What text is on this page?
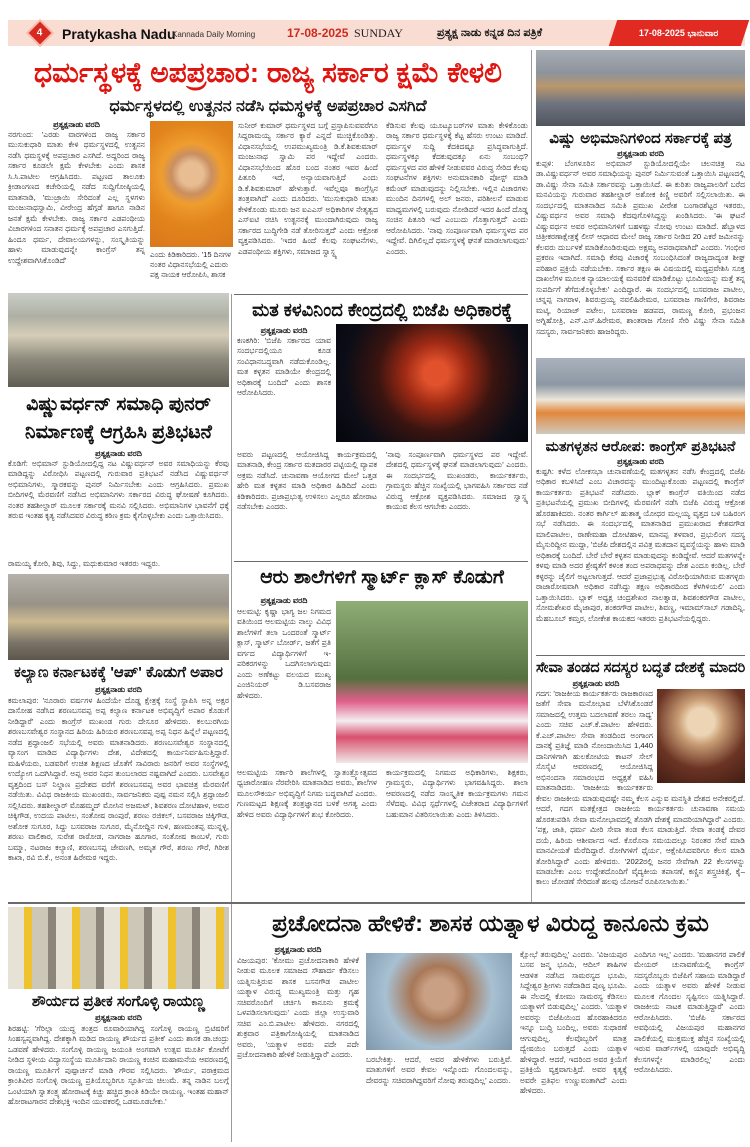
4 Pratykasha Nadu
Kannada Daily Morning	17-08-2025 SUNDAY	ಪ್ರತ್ಯಕ್ಷ ನಾಡು ಕನ್ನಡ ದಿನ ಪತ್ರಿಕೆ	17-08-2025 ಭಾನುವಾರ
ಧರ್ಮಸ್ಥಳಕ್ಕೆ ಅಪಪ್ರಚಾರ: ರಾಜ್ಯ ಸರ್ಕಾರ ಕ್ಷಮೆ ಕೇಳಲಿ
ಧರ್ಮಸ್ಥಳದಲ್ಲಿ ಉತ್ಖನನ ನಡೆಸಿ ಧಮಸ್ಥಳಕ್ಕೆ ಅಪಪ್ರಚಾರ ಎಸಗಿದೆ
ಪ್ರತ್ಯಕ್ಷನಾಡು ವರದಿ
ನರಗುಂದ: 'ಎರಡು ವಾರಗಳಿಂದ ರಾಜ್ಯ ಸರ್ಕಾರ ಮುಸುಕುಧಾರಿ ಮಾತು ಕೇಳಿ ಧರ್ಮಸ್ಥಳದಲ್ಲಿ ಉತ್ಖನನ ನಡೆಸಿ ಧಮಸ್ಥಳಕ್ಕೆ ಅಪಪ್ರಚಾರ ಎಸಗಿದೆ. ಅದ್ದರಿಂದ ರಾಜ್ಯ ಸರ್ಕಾರ ಕೂಡಲೇ ಕ್ಷಮೆ ಕೇಳಬೇಕು ಎಂದು ಶಾಸಕ ಸಿ.ಸಿ.ಪಾಟೀಲ ಆಗ್ರಹಿಸಿದರು. ಪಟ್ಟಣದ ತಾಲೂಕು ಕ್ರೀಡಾಂಗಣದ ಕಚೇರಿಯಲ್ಲಿ ನಡೆದ ಸುದ್ದಿಗೋಷ್ಠಿಯಲ್ಲಿ ಮಾತನಾಡಿ, 'ಮುಜ್ರಾಯಿ ಸೇರಿದಂತೆ ಎಲ್ಲ ಸ್ಥಳಗಳು ಮಂಜುನಾಥಸ್ವಾಮಿ, ವೀರೇಂದ್ರ ಹೆಗ್ಗಡೆ ಹಾಗೂ ನಾಡಿನ ಜನತೆ ಕ್ಷಮೆ ಕೇಳಬೇಕು. ರಾಜ್ಯ ಸರ್ಕಾರ ಎಡಪಂಥೀಯ ವಿಚಾರಗಳಿಂದ ಸನಾತನ ಧರ್ಮಕ್ಕೆ ಅಪಪ್ರಚಾರ ಎಸಗುತ್ತಿದೆ. ಹಿಂದೂ ಧರ್ಮ, ದೇವಾಲಯಗಳನ್ನು, ಸಂಸ್ಕೃತಿಯನ್ನು ಹಾಳು ಮಾಡುವುದನ್ನೇ ಕಾಂಗ್ರೆಸ್ ತನ್ನ ಉದ್ದೇಶವಾಗಿಸಿಕೊಂಡಿದೆ'
ಎಂದು ಕಿಡಿಕಾರಿದರು. '15 ದಿನಗಳ ನಂತರ ವಿಧಾನಸಭೆಯಲ್ಲಿ ಎದುರು ಪಕ್ಷ ನಾಯಕ ಆರೋಪಿಸಿ, ಶಾಸಕ
ಸುನೀರ್ ಕುಮಾರ್ ಧರ್ಮಸ್ಥಳದ ಬಗ್ಗೆ ಪ್ರಸ್ತಾಪಿಸುವವರೆಗೂ ಸಿದ್ದರಾಮಯ್ಯ ಸರ್ಕಾರ ಕ್ಯಾರೆ ಎನ್ನದೆ ಮುಚ್ಚಿಕೊಂಡಿತ್ತು. ವಿಧಾನಸಭೆಯಲ್ಲಿ ಉಪಮುಖ್ಯಮಂತ್ರಿ ಡಿ.ಕೆ.ಶಿವಕುಮಾರ್ ಮಂಜುನಾಥ ಸ್ವಾಮಿ ಪರ ಇದ್ದೇವೆ ಎಂದರು. ವಿಧಾನಸಭೆಯಿಂದ ಹೊರ ಬಂದ ನಂತರ ಇವರ ಹಿಂದೆ ಪಿತೂರಿ ಇದೆ, ಅನ್ಯಾಯವಾಗುತ್ತಿದೆ ಎಂದು ಡಿ.ಕೆ.ಶಿವಕುಮಾರ್ ಹೇಳುತ್ತಾರೆ. ಇವೆಲ್ಲವೂ ಕಾಂಗ್ರೆಸ್ಸಿನ ತಂತ್ರವಾಗಿದೆ' ಎಂದು ದೂರಿದರು. 'ಮುಸುಕುಧಾರಿ ಮಾತು ಕೇಳಿಕೊಂಡು ಮೂರು ಜನ ಐಎಎಸ್ ಅಧಿಕಾರಿಗಳ ನೇತೃತ್ವದ ಎಸ್ಐಟಿ ರಚಿಸಿ ಉತ್ಖನನಕ್ಕೆ ಮುಂದಾಗಿರುವುದು ರಾಜ್ಯ ಸರ್ಕಾರದ ಬುದ್ಧಿಗೇಡಿ ನಡೆ ತೋರಿಸುತ್ತದೆ' ಎಂದು ಆಕ್ರೋಶ ವ್ಯಕ್ತಪಡಿಸಿದರು. 'ಇದರ ಹಿಂದೆ ಕೆಲವು ಸಂಘಟನೆಗಳು, ಎಡಪಂಥೀಯ ಶಕ್ತಿಗಳು, ಸಮಾಜದ ಸ್ವಾಸ್ಥ್ಯ
ಕೆಡಿಸುವ ಕೆಲವು ಯೂಟ್ಯೂಬರ್‌ಗಳ ಮಾತು ಕೇಳಿಕೊಂಡು ರಾಜ್ಯ ಸರ್ಕಾರ ಧರ್ಮಸ್ಥಳಕ್ಕೆ ಕೆಟ್ಟ ಹೆಸರು ಉಂಟು ಮಾಡಿದೆ. ಧರ್ಮಸ್ಥಳ ಸುದ್ದಿ ಕೆದಕಿದಷ್ಟೂ ಪ್ರಸಿದ್ಧವಾಗುತ್ತಿದೆ. ಧರ್ಮಸ್ಥಳಕ್ಕೂ ಕೆದಕುವುದಕ್ಕೂ ಏನು ಸಂಬಂಧ? ಧರ್ಮಸ್ಥಳದ ಪರ ಹೇಳಿಕೆ ನೀಡುವವರ ವಿರುದ್ಧ ಸೇರಿದ ಕೆಲವು ಸಂಘಟನೆಗಳ ಶಕ್ತಿಗಳು ಅನುಮಾನಕಾರಿ ಪೋಸ್ಟ್ ಮಾಡಿ ಕಮೆಂಟ್ ಮಾಡುವುದನ್ನು ನಿಲ್ಲಿಸಬೇಕು. ಇಲ್ಲಿನ ವಿಚಾರಗಳು ಮುಂದಿನ ದಿನಗಳಲ್ಲಿ ಅಲ್ ಜನರು, ಪರಿಶೀಲನೆ ಮಾಡುವ ಮಾಧ್ಯಮಗಳಲ್ಲಿ ಬರುವುದು ನೋಡಿದರೆ ಇದರ ಹಿಂದೆ ದೊಡ್ಡ ಸಂಚಿನ ಪಿತೂರಿ ಇದೆ ಎಂಬುದು ಗೊತ್ತಾಗುತ್ತದೆ' ಎಂದು ಆರೋಪಿಸಿದರು. 'ನಾವು ಸಂಪೂರ್ಣವಾಗಿ ಧರ್ಮಸ್ಥಳದ ಪರ ಇದ್ದೇವೆ. ದಿಗಿಲಿಲ್ಲದೆ ಧರ್ಮಸ್ಥಳಕ್ಕೆ ಘನತೆ ಮಾಡಲಾಗುವುದು' ಎಂದರು.
ವಿಷ್ಣು ಅಭಿಮಾನಿಗಳಿಂದ ಸರ್ಕಾರಕ್ಕೆ ಪತ್ರ
ಪ್ರತ್ಯಕ್ಷನಾಡು ವರದಿ
ಕುಪ್ಪಳಿ: ಬೆಂಗಳೂರಿನ ಅಭಿಮಾನ್ ಸ್ಟುಡಿಯೋದಲ್ಲಿಯೇ ಚಲನಚಿತ್ರ ನಟ ಡಾ.ವಿಷ್ಣುವರ್ಧನ್ ಅವರ ಸಮಾಧಿಯನ್ನು ಪುನರ್ ನಿರ್ಮಿಸುವಂತೆ ಒತ್ತಾಯಿಸಿ ಪಟ್ಟಣದಲ್ಲಿ ಡಾ.ವಿಷ್ಣು ಸೇನಾ ಸಮಿತಿ ಸರ್ಕಾರವನ್ನು ಒತ್ತಾಯಿಸಿದೆ. ಈ ಕುರಿತು ರಾಜ್ಯಪಾಲರಿಗೆ ಬರೆದ ಮನವಿಯನ್ನು ಗುರುವಾರ ತಹಶೀಲ್ದಾರ್ ಅಶೋಕ ಕಿಣ್ಣಿ ಅವರಿಗೆ ಸಲ್ಲಿಸಲಾಯಿತು. ಈ ಸಂದರ್ಭದಲ್ಲಿ ಮಾತನಾಡಿದ ಸಮಿತಿ ಪ್ರಮುಖ ವೀರೇಶ ಬಂಗಾರಶೆಟ್ಟರ ಇತರರು, ವಿಷ್ಣುವರ್ಧನ ಅವರ ಸಮಾಧಿ ಕೆದವುಗೊಳಿಸಿದ್ದನ್ನು ಖಂಡಿಸಿದರು. 'ಈ ಘಟನೆ ವಿಷ್ಣುವರ್ಧನ ಅವರ ಅಭಿಮಾನಿಗಳಿಗೆ ಬಹಳಷ್ಟು ನೋವು ಉಂಟು ಮಾಡಿದೆ. ಹೆಬ್ಬಾಳದ ಚಿತ್ರೀಕರಣಾಕ್ಷೇತ್ರಕ್ಕೆ ಲೀಸ್ ಆಧಾರದ ಮೇಲೆ ರಾಜ್ಯ ಸರ್ಕಾರ ನೀಡಿದ 20 ಎಕರೆ ಜಮೀನನ್ನು ಕೆಲವರು ದುರ್ಬಳಕೆ ಮಾಡಿಕೊಂಡಿರುವುದು ಅಕ್ಷಮ್ಯ ಅಪರಾಧವಾಗಿದೆ' ಎಂದರು. 'ಗಂಭೀರ ಪ್ರಕರಣ ಇದಾಗಿದೆ. ಸಮಾಧಿ ಕೆರವು ವಿಚಾರಕ್ಕೆ ಸಂಬಂಧಿಸಿದಂತೆ ರಾಜ್ಯದಾದ್ಯಂತ ಶೀಘ್ರ ಪರಿಹಾರ ಪ್ರಕ್ರಿಯೆ ನಡೆಯಬೇಕು. ಸರ್ಕಾರ ತಕ್ಷಣ ಈ ವಿಷಯದಲ್ಲಿ ಮಧ್ಯಪ್ರವೇಶಿಸಿ ಸೂಕ್ತ ದಾಖಲೆಗಳ ಮೂಲಕ ನ್ಯಾಯಾಲಯಕ್ಕೆ ಮನವರಿಕೆ ಮಾಡಿಕೊಟ್ಟು ಭೂಮಿಯನ್ನು ಮತ್ತೆ ತನ್ನ ಸುಪರ್ದಿಗೆ ತೆಗೆದುಕೊಳ್ಳಬೇಕು' ಎಂದಿದ್ದಾರೆ. ಈ ಸಂದರ್ಭದಲ್ಲಿ ಬಸವರಾಜ ಪಾಟೀಲ, ಚನ್ನಪ್ಪ ನಾಗರಾಳ, ಶಿವರುದ್ರಯ್ಯ ನವಲಿಹಿರೇಮಠ, ಬಸವರಾಜ ಗಾಣಿಗೇರ, ಶಿವರಾಜ ಮಟ್ಕಿ, ರಿಯಾಜ್ ಪಟೇಲ, ಬಸವರಾಜ ಹಡಪದ, ರಾಮಣ್ಣ ಕೋರಿ, ಪ್ರಭಂಜನ ಅಗ್ನಿಹೋತ್ರಿ, ಎನ್.ಎಸ್.ಹಿರೇಮಠ, ಶಾಂತರಾಜ ಗೋಣಿ ಸೇರಿ ವಿಷ್ಣು ಸೇನಾ ಸಮಿತಿ ಸದಸ್ಯರು, ಸಾರ್ವಜನಿಕರು ಹಾಜರಿದ್ದರು.
ಮತ ಕಳವಿನಿಂದ ಕೇಂದ್ರದಲ್ಲಿ ಬಿಜೆಪಿ ಅಧಿಕಾರಕ್ಕೆ
ಪ್ರತ್ಯಕ್ಷನಾಡು ವರದಿ
ಕಣಕಗಿರಿ: 'ಬಿಜೆಪಿ ಸರ್ಕಾರದ ಯಾವ ಸಂದರ್ಭದಲ್ಲಿಯೂ ಕೂಡ ಸಂವಿಧಾನಬದ್ಧವಾಗಿ ನಡೆದುಕೊಂಡಿಲ್ಲ. ಮತ ಕಳ್ಳತನ ಮಾಡಿಯೇ ಕೇಂದ್ರದಲ್ಲಿ ಅಧಿಕಾರಕ್ಕೆ ಬಂದಿದೆ' ಎಂದು ಶಾಸಕ ಆರೋಪಿಸಿದರು.
ಅವರು ಪಟ್ಟಣದಲ್ಲಿ ಆಯೋಜಿಸಿದ್ದ ಕಾರ್ಯಕ್ರಮದಲ್ಲಿ ಮಾತನಾಡಿ, ಕೇಂದ್ರ ಸರ್ಕಾರ ಮತದಾರರ ಪಟ್ಟಿಯಲ್ಲಿ ವ್ಯಾಪಕ ಅಕ್ರಮ ನಡೆಸಿದೆ. ಚುನಾವಣಾ ಆಯೋಗದ ಮೇಲೆ ಒತ್ತಡ ಹೇರಿ ಮತ ಕಳ್ಳತನ ಮಾಡಿ ಅಧಿಕಾರ ಹಿಡಿದಿದೆ ಎಂದು ಕಿಡಿಕಾರಿದರು. ಪ್ರಜಾಪ್ರಭುತ್ವ ಉಳಿಸಲು ಎಲ್ಲರೂ ಹೋರಾಟ ನಡೆಸಬೇಕು ಎಂದರು.
'ನಾವು ಸಂಪೂರ್ಣವಾಗಿ ಧರ್ಮಸ್ಥಳದ ಪರ ಇದ್ದೇವೆ. ದೇಶದಲ್ಲಿ ಧರ್ಮಸ್ಥಳಕ್ಕೆ ಘನತೆ ಮಾಡಲಾಗುವುದು' ಎಂದರು. ಈ ಸಂದರ್ಭದಲ್ಲಿ ಮುಖಂಡರು, ಕಾರ್ಯಕರ್ತರು, ಗ್ರಾಮಸ್ಥರು ಹೆಚ್ಚಿನ ಸಂಖ್ಯೆಯಲ್ಲಿ ಭಾಗವಹಿಸಿ ಸರ್ಕಾರದ ನಡೆ ವಿರುದ್ಧ ಆಕ್ರೋಶ ವ್ಯಕ್ತಪಡಿಸಿದರು. ಸಮಾಜದ ಸ್ವಾಸ್ಥ್ಯ ಕಾಯುವ ಕೆಲಸ ಆಗಬೇಕು ಎಂದರು.
ವಿಷ್ಣುವರ್ಧನ್ ಸಮಾಧಿ ಪುನರ್ ನಿರ್ಮಾಣಕ್ಕೆ ಆಗ್ರಹಿಸಿ ಪ್ರತಿಭಟನೆ
ಪ್ರತ್ಯಕ್ಷನಾಡು ವರದಿ
ಕೊಡಿಗೆ: ಅಭಿಮಾನ್ ಸ್ಟುಡಿಯೋದಲ್ಲಿದ್ದ ನಟ ವಿಷ್ಣುವರ್ಧನ್ ಅವರ ಸಮಾಧಿಯನ್ನು ಕೆರವು ಮಾಡಿದ್ದನ್ನು ವಿರೋಧಿಸಿ ಪಟ್ಟಣದಲ್ಲಿ ಗುರುವಾರ ಪ್ರತಿಭಟನೆ ನಡೆಸಿದ ವಿಷ್ಣುವರ್ಧನ್ ಅಭಿಮಾನಿಗಳು, ಸ್ಮಾರಕವನ್ನು ಪುನರ್ ನಿರ್ಮಿಸಬೇಕು ಎಂದು ಆಗ್ರಹಿಸಿದರು. ಪ್ರಮುಖ ಬೀದಿಗಳಲ್ಲಿ ಮೆರವಣಿಗೆ ನಡೆಸಿದ ಅಭಿಮಾನಿಗಳು ಸರ್ಕಾರದ ವಿರುದ್ಧ ಘೋಷಣೆ ಕೂಗಿದರು. ನಂತರ ತಹಶೀಲ್ದಾರ್ ಮೂಲಕ ಸರ್ಕಾರಕ್ಕೆ ಮನವಿ ಸಲ್ಲಿಸಿದರು. ಅಭಿಮಾನಿಗಳ ಭಾವನೆಗೆ ಧಕ್ಕೆ ತರುವ ಇಂತಹ ಕೃತ್ಯ ನಡೆಸಿದವರ ವಿರುದ್ಧ ಕಠಿಣ ಕ್ರಮ ಕೈಗೊಳ್ಳಬೇಕು ಎಂದು ಒತ್ತಾಯಿಸಿದರು.
ರಾಮಯ್ಯ ಕೋರಿ, ಶಿವು, ಸಿದ್ದು, ಮಧುಕುಮಾರ ಇತರರು ಇದ್ದರು.
ಕಲ್ಯಾಣ ಕರ್ನಾಟಕಕ್ಕೆ 'ಆಪ್' ಕೊಡುಗೆ ಅಪಾರ
ಪ್ರತ್ಯಕ್ಷನಾಡು ವರದಿ
ಕಮಲಾಪುರ: 'ನೂರಾರು ವರ್ಷಗಳ ಹಿಂದೆಯೇ ದೊಡ್ಡ ಕ್ಷೇತ್ರಕ್ಕೆ ಸಂಸ್ಥೆ ಸ್ಥಾಪಿಸಿ ಅನ್ನ ಅಕ್ಷರ ದಾಸೋಹ ನಡೆಸಿದ ಶರಣಬಸವಪ್ಪ ಅಪ್ಪ ಕಲ್ಯಾಣ ಕರ್ನಾಟಕ ಅಭಿವೃದ್ಧಿಗೆ ಅಪಾರ ಕೊಡುಗೆ ನೀಡಿದ್ದಾರೆ' ಎಂದು ಕಾಂಗ್ರೆಸ್ ಮುಖಂಡ ಗುರು ದೇಸೂರ ಹೇಳಿದರು. ಕಲಬುರಗಿಯ ಶರಣಬಸವೇಶ್ವರ ಸಂಸ್ಥಾನದ ಹಿರಿಯ ಹಿರಿಯರ ಶರಣಬಸವಪ್ಪ ಅಪ್ಪ ನಿಧನ ಹಿನ್ನೆಲೆ ಪಟ್ಟಣದಲ್ಲಿ ನಡೆದ ಶ್ರದ್ಧಾಂಜಲಿ ಸಭೆಯಲ್ಲಿ ಅವರು ಮಾತನಾಡಿದರು. ಶರಣಬಸವೇಶ್ವರ ಸಂಸ್ಥಾನದಲ್ಲಿ ವ್ಯಾಸಂಗ ಮಾಡಿದ ವಿದ್ಯಾರ್ಥಿಗಳು ದೇಶ, ವಿದೇಶದಲ್ಲಿ ಕಾರ್ಯನಿರ್ವಹಿಸುತ್ತಿದ್ದಾರೆ. ಮಹಿಳೆಯರು, ಬಡವರಿಗೆ ಉಚಿತ ಶಿಕ್ಷಣದ ಜೊತೆಗೆ ಸಾವಿರಾರು ಜನರಿಗೆ ಅವರ ಸಂಸ್ಥೆಗಳಲ್ಲಿ ಉದ್ಯೋಗ ಒದಗಿಸಿದ್ದಾರೆ. ಅಪ್ಪ ಅವರ ನಿಧನ ತುಂಬಲಾರದ ನಷ್ಟವಾಗಿದೆ ಎಂದರು. ಬಸವೇಶ್ವರ ವೃತ್ತದಿಂದ ಬಸ್ ನಿಲ್ದಾಣ ಪ್ರದೇಶದ ವರೆಗೆ ಶರಣಬಸವಪ್ಪ ಅವರ ಭಾವಚಿತ್ರ ಮೆರವಣಿಗೆ ನಡೆಯಿತು. ವಿವಿಧ ರಾಜಕೀಯ ಮುಖಂಡರು, ಸಾರ್ವಜನಿಕರು ಪುಷ್ಪ ನಮನ ಸಲ್ಲಿಸಿ ಶ್ರದ್ಧಾಂಜಲಿ ಸಲ್ಲಿಸಿದರು. ತಹಶೀಲ್ದಾರ್ ಮೊಹಮ್ಮದ್ ಮೋಸಿನ ಅಜಮಟ್, ಶಿವಶರಣ ದೋಟಿಹಾಳ, ಅಮರ ಚಿಕ್ಕಿಗೌಡ, ಉದಯ ಪಾಟೀಲ, ಸಂತೋಷ ರಾಂಪುರೆ, ಶರಣು ರಜಿಕಲ್, ಬಸವರಾಜ ಚಿಕ್ಕಿಗೌಡ, ಅಶೋಕ ಸುಗೂರ, ಸಿದ್ದು ಬಸವರಾಜ ಸುಗೂರ, ಮೈನೋದ್ದಿನ ಗುಳಿ, ಹಣಮಂತಪ್ಪ ಮುನ್ನಳ್ಳಿ, ಶರಣು ವಾಲಿಕಾರ, ಸುರೇಶ ರಾಠೋಡ, ನಾಗರಾಜ ಹೂಗಾರ, ಸಂತೋಷ ಕಾಂಬಳೆ, ಗುರು ಬಮ್ಮಾ, ನಟರಾಜ ಕಲ್ಯಾಣಿ, ಶರಣಬಸಪ್ಪ ಜೇವಣಗಿ, ಅಮೃತ ಗೌರೆ, ಶರಣು ಗೌರೆ, ಗಿರೀಶ ಕಾಖಾ, ರವಿ ಬಿ.ಕೆ., ಅನಂತ ಹಿರೇಮಠ ಇದ್ದರು.
ಆರು ಶಾಲೆಗಳಿಗೆ ಸ್ಮಾರ್ಟ್ ಕ್ಲಾಸ್ ಕೊಡುಗೆ
ಪ್ರತ್ಯಕ್ಷನಾಡು ವರದಿ
ಆಲಮಟ್ಟಿ: ಕೃಷ್ಣಾ ಭಾಗ್ಯ ಜಲ ನಿಗಮದ ವತಿಯಿಂದ ಆಲಮಟ್ಟಿಯ ನಾಲ್ಕು ವಿವಿಧ ಶಾಲೆಗಳಿಗೆ ತಲಾ ಒಂದರಂತೆ ಸ್ಮಾರ್ಟ್ ಕ್ಲಾಸ್, ಸ್ಮಾರ್ಟ್ ಬೋರ್ಡ್, ಜತೆಗೆ ಪ್ರತಿ ವರ್ಗದ ವಿದ್ಯಾರ್ಥಿಗಳಿಗೆ ಇ- ಪರಿಕರಗಳನ್ನು ಒದಗಿಸಲಾಗುವುದು ಎಂದು ಅಣೆಕಟ್ಟು ವಲಯದ ಮುಖ್ಯ ಎಂಜಿನಿಯರ್ ಡಿ.ಬಸವರಾಜ ಹೇಳಿದರು.
ಆಲಮಟ್ಟಿಯ ಸರ್ಕಾರಿ ಶಾಲೆಗಳಲ್ಲಿ ಸ್ವಾತಂತ್ರ್ಯೋತ್ಸವದ ಧ್ವಜಾರೋಹಣ ನೆರವೇರಿಸಿ ಮಾತನಾಡಿದ ಅವರು, ಶಾಲೆಗಳ ಮೂಲಸೌಕರ್ಯ ಅಭಿವೃದ್ಧಿಗೆ ನಿಗಮ ಬದ್ಧವಾಗಿದೆ ಎಂದರು. ಗುಣಮಟ್ಟದ ಶಿಕ್ಷಣಕ್ಕೆ ತಂತ್ರಜ್ಞಾನದ ಬಳಕೆ ಅಗತ್ಯ ಎಂದು ಹೇಳಿದ ಅವರು ವಿದ್ಯಾರ್ಥಿಗಳಿಗೆ ಶುಭ ಕೋರಿದರು.
ಕಾರ್ಯಕ್ರಮದಲ್ಲಿ ನಿಗಮದ ಅಧಿಕಾರಿಗಳು, ಶಿಕ್ಷಕರು, ಗ್ರಾಮಸ್ಥರು, ವಿದ್ಯಾರ್ಥಿಗಳು ಭಾಗವಹಿಸಿದ್ದರು. ಶಾಲಾ ಆವರಣದಲ್ಲಿ ನಡೆದ ಸಾಂಸ್ಕೃತಿಕ ಕಾರ್ಯಕ್ರಮಗಳು ಗಮನ ಸೆಳೆದವು. ವಿವಿಧ ಸ್ಪರ್ಧೆಗಳಲ್ಲಿ ವಿಜೇತರಾದ ವಿದ್ಯಾರ್ಥಿಗಳಿಗೆ ಬಹುಮಾನ ವಿತರಿಸಲಾಯಿತು ಎಂದು ತಿಳಿಸಿದರು.
ಮತಗಳ್ಳತನ ಆರೋಪ: ಕಾಂಗ್ರೆಸ್ ಪ್ರತಿಭಟನೆ
ಪ್ರತ್ಯಕ್ಷನಾಡು ವರದಿ
ಕುಷ್ಟಗಿ: ಕಳೆದ ಲೋಕಸಭಾ ಚುನಾವಣೆಯಲ್ಲಿ ಮತಗಳ್ಳತನ ನಡೆಸಿ ಕೇಂದ್ರದಲ್ಲಿ ಬಿಜೆಪಿ ಅಧಿಕಾರ ಕಬಳಿಸಿದೆ ಎಂಬ ವಿಚಾರವನ್ನು ಮುಂದಿಟ್ಟುಕೊಂಡು ಪಟ್ಟಣದಲ್ಲಿ ಕಾಂಗ್ರೆಸ್ ಕಾರ್ಯಕರ್ತರು ಪ್ರತಿಭಟನೆ ನಡೆಸಿದರು. ಬ್ಲಾಕ್ ಕಾಂಗ್ರೆಸ್ ವತಿಯಿಂದ ನಡೆದ ಪ್ರತಿಭಟನೆಯಲ್ಲಿ ಪ್ರಮುಖ ಬೀದಿಗಳಲ್ಲಿ ಮೆರವಣಿಗೆ ನಡೆಸಿ ಬಿಜೆಪಿ ವಿರುದ್ಧ ಆಕ್ರೋಶ ಹೊರಹಾಕಿದರು. ನಂತರ ಕಾರ್ಗಿಲ್ ಹುತಾತ್ಮ ಯೋಧರ ಮಲ್ಲಯ್ಯ ವೃತ್ತದ ಬಳಿ ಬಹಿರಂಗ ಸಭೆ ನಡೆಸಿದರು. ಈ ಸಂದರ್ಭದಲ್ಲಿ ಮಾತನಾಡಿದ ಪ್ರಮುಖರಾದ ಕೇಶವಗೌಡ ಮಾಲಿಪಾಟೀಲ, ರಾಣೇಮಹಾ ದೋಟಿಹಾಳ, ಮಾನಪ್ಪ ತಳವಾರ, ಪ್ರಭುಲಿಂಗ ಸದಸ್ಯ ಮೈಸುರಿದ್ದೀನ ಮುದ್ದಾ, 'ಬಿಜೆಪಿ ದೇಶದಲ್ಲಿನ ಪವಿತ್ರ ಮತದಾನ ವ್ಯವಸ್ಥೆಯನ್ನು ಹಾಳು ಮಾಡಿ ಅಧಿಕಾರಕ್ಕೆ ಬಂದಿದೆ. ಬೇರೆ ಬೇರೆ ಕಳ್ಳತನ ಮಾಡುವುದನ್ನು ಕಂಡಿದ್ದೇವೆ. ಆದರೆ ಮತಗಳನ್ನೇ ಕಳವು ಮಾಡಿ ಅದರ ಶ್ರೇಷ್ಠತೆಗೆ ಕಳಂಕ ತಂದ ಅಪರಾಧವನ್ನು ದೇಶ ಎಂದೂ ಕಂಡಿಲ್ಲ. ಬೇರೆ ಕಳ್ಳರನ್ನು ಜೈಲಿಗೆ ಅಟ್ಟಲಾಗುತ್ತದೆ. ಆದರೆ ಪ್ರಜಾಪ್ರಭುತ್ವ ವಿರೋಧಿಯಾಗಿರುವ ಮತಗಳ್ಳರು ರಾಜಾರೋಷವಾಗಿ ಅಧಿಕಾರ ನಡೆಸಿದ್ದು ತಕ್ಷಣ ಅಧಿಕಾರದಿಂದ ಕೆಳಗಿಳಿಯಲಿ' ಎಂದು ಒತ್ತಾಯಿಸಿದರು. ಬ್ಲಾಕ್ ಅಧ್ಯಕ್ಷ ಚಂದ್ರಶೇಖರ ನಾಲತ್ವಾಡ, ಶಿವಶಂಕರಗೌಡ ಪಾಟೀಲ, ಸೋಮಶೇಖರ ಮೈಜಾಪುರ, ಶಂಕರಗೌಡ ಪಾಟೀಲ, ಶಿವಣ್ಣ, ಇಮಾಮ್‌ಸಾಬ್ ಗಡಾದಿನ್ನಿ, ಮೆಹಬೂಬ್ ಕಮ್ತರ, ಲೋಕೇಶ ಕಾಯಕದ ಇತರರು ಪ್ರತಿಭಟನೆಯಲ್ಲಿದ್ದರು.
ಸೇವಾ ತಂಡದ ಸದಸ್ಯರ ಬದ್ಧತೆ ದೇಶಕ್ಕೆ ಮಾದರಿ
ಪ್ರತ್ಯಕ್ಷನಾಡು ವರದಿ
ಗದಗ: 'ರಾಜಕೀಯ ಕಾರ್ಯಕರ್ತರು ರಾಜಕಾರಣದ ಜತೆಗೆ ಸೇವಾ ಮನೋಭಾವ ಬೆಳೆಸಿಕೊಂಡರೆ ಸಮಾಜದಲ್ಲಿ ಉತ್ತಮ ಬದಲಾವಣೆ ತರಲು ಸಾಧ್ಯ' ಎಂದು ಸಚಿವ ಎಚ್.ಕೆ.ಪಾಟೀಲ ಹೇಳಿದರು. ಕೆ.ಎಚ್.ಪಾಟೀಲ ಸೇವಾ ತಂಡದಿಂದ ಅಂಗಾಂಗ ದಾನಕ್ಕೆ ಪ್ರತಿಜ್ಞೆ ಮಾಡಿ ನೋಂದಾಯಿಸಿದ 1,440 ದಾನಿಗಳಿಗಾಗಿ ಹುಲಕೋಟಿಯ ಕಾಟನ್ ಸೇಲ್ ಸೊಸೈಟಿ ಆವರಣದಲ್ಲಿ ಆಯೋಜಿಸಿದ್ದ ಅಭಿನಂದನಾ ಸಮಾರಂಭದ ಅಧ್ಯಕ್ಷತೆ ವಹಿಸಿ ಮಾತನಾಡಿದರು. 'ರಾಜಕೀಯ ಕಾರ್ಯಕರ್ತರು ಕೇವಲ ರಾಜಕೀಯ ಮಾಡುವುದಷ್ಟೇ ನಮ್ಮ ಕೆಲಸ ಎನ್ನುವ ಮನಸ್ಥಿತಿ ದೇಶದ ಅನೇಕರಲ್ಲಿದೆ. ಆದರೆ, ಗದಗ ಮತಕ್ಷೇತ್ರದ ರಾಜಕೀಯ ಕಾರ್ಯಕರ್ತರು ಚುನಾವಣಾ ಸಮಯ ಹೊರತುಪಡಿಸಿ ಸೇವಾ ಮನೋಭಾವದಲ್ಲಿ ತೊಡಗಿ ದೇಶಕ್ಕೆ ಮಾದರಿಯಾಗಿದ್ದಾರೆ' ಎಂದರು. 'ಪಕ್ಷ, ಜಾತಿ, ಧರ್ಮ ಮೀರಿ ಸೇವಾ ತಂಡ ಕೆಲಸ ಮಾಡುತ್ತಿದೆ. ಸೇವಾ ತಂಡಕ್ಕೆ ದೇವರ ದಯೆ, ಹಿರಿಯ ಆಶೀರ್ವಾದ ಇದೆ. ಕೊರೊನಾ ಸಮಯದಲ್ಲೂ ನಿರಂತರ ಸೇವೆ ಮಾಡಿ ಮಾನವೀಯತೆ ಮೆರೆದಿದ್ದಾರೆ. ರೋಗಿಗಳಿಗೆ ಧೈರ್ಯ, ಆಕ್ಷೇಪಿಸಿದವರಿಗೂ ಕೆಲಸ ಮಾಡಿ ತೋರಿಸಿದ್ದಾರೆ' ಎಂದು ಹೇಳಿದರು. '2022ರಲ್ಲಿ ಜನರ ಸೇವೆಗಾಗಿ 22 ಕೆಲಸಗಳನ್ನು ಮಾಡಬೇಕು ಎಂಬ ಉದ್ದೇಶದೊಂದಿಗೆ ವೈದ್ಯಕೀಯ ತಪಾಸಣೆ, ಕಣ್ಣಿನ ಶಸ್ತ್ರಚಿಕಿತ್ಸೆ, ಕೈ–ಕಾಲು ಜೋಡಣೆ ಸೇರಿದಂತೆ ಹಲವು ಯೋಜನೆ ರೂಪಿಸಲಾಯಿತು.'
ಶೌರ್ಯದ ಪ್ರತೀಕ ಸಂಗೊಳ್ಳಿ ರಾಯಣ್ಣ
ಪ್ರತ್ಯಕ್ಷನಾಡು ವರದಿ
ಶಿರಹಟ್ಟಿ: 'ಗೆರಿಲ್ಲಾ ಯುದ್ಧ ತಂತ್ರದ ರೂವಾರಿಯಾಗಿದ್ದ ಸಂಗೊಳ್ಳಿ ರಾಯಣ್ಣ ಬ್ರಿಟಿಷರಿಗೆ ಸಿಂಹಸ್ವಪ್ನವಾಗಿದ್ದ. ದೇಶಕ್ಕಾಗಿ ಮಡಿದ ರಾಯಣ್ಣ ಶೌರ್ಯದ ಪ್ರತೀಕ' ಎಂದು ಶಾಸಕ ಡಾ.ಚಂದ್ರು ಒಡವಣೆ ಹೇಳಿದರು. ಸಂಗೊಳ್ಳಿ ರಾಯಣ್ಣ ಜಯಂತಿ ಅಂಗವಾಗಿ ಉತ್ಸವ ಮೂರ್ತಿ ಕೋಟೆಗೆ ನೀಡಿದ ಸ್ಥಳೀಯ ವಿದ್ಯಾಸಂಸ್ಥೆಯ ಮೂರ್ತಿದಾನಿ ರಾಯಣ್ಣ ಕಂಚಿನ ಮಹಾಮನೆಯ ಆವರಣದಲ್ಲಿ ರಾಯಣ್ಣ ಮೂರ್ತಿಗೆ ಪುಷ್ಪಾರ್ಚನೆ ಮಾಡಿ ಗೌರವ ಸಲ್ಲಿಸಿದರು. 'ಶೌರ್ಯ, ಪರಾಕ್ರಮದ ಕ್ರಾಂತಿವೀರ ಸಂಗೊಳ್ಳಿ ರಾಯಣ್ಣ ಪ್ರತಿಯೊಬ್ಬರಿಗೂ ಸ್ಫೂರ್ತಿಯ ಚಿಲುಮೆ. ತನ್ನ ನಾಡಿನ ಬಲಗ್ಗೆ ಒಂಟಿಯಾಗಿ ಸ್ವಾತಂತ್ರ್ಯ ಹೋರಾಟಕ್ಕೆ ಕಿಚ್ಚು ಹಚ್ಚಿದ ಕ್ರಾಂತಿ ಕಿಡಿಯೇ ರಾಯಣ್ಣ. ಇಂತಹ ಮಹಾನ್ ಹೋರಾಟಗಾರನ ದೇಶಭಕ್ತಿ ಇಂದಿನ ಯುವಕರಲ್ಲಿ ಒಡಮೂಡಬೇಕು.'
ಪ್ರಚೋದನಾ ಹೇಳಿಕೆ: ಶಾಸಕ ಯತ್ನಾಳ ವಿರುದ್ಧ ಕಾನೂನು ಕ್ರಮ
ಪ್ರತ್ಯಕ್ಷನಾಡು ವರದಿ
ವಿಜಯಪುರ: 'ಕೋಮು ಪ್ರಚೋದನಾಕಾರಿ ಹೇಳಿಕೆ ನೀಡುವ ಮೂಲಕ ಸಮಾಜದ ಸೌಹಾರ್ದ ಕೆಡಿಸಲು ಯತ್ನಿಸುತ್ತಿರುವ ಶಾಸಕ ಬಸನಗೌಡ ಪಾಟೀಲ ಯತ್ನಾಳ ವಿರುದ್ಧ ಮುಖ್ಯಮಂತ್ರಿ ಮತ್ತು ಗೃಹ ಸಚಿವರೊಂದಿಗೆ ಚರ್ಚಿಸಿ ಕಾನೂನು ಕ್ರಮಕ್ಕೆ ಒಳಪಡಿಸಲಾಗುವುದು' ಎಂದು ಜಿಲ್ಲಾ ಉಸ್ತುವಾರಿ ಸಚಿವ ಎಂ.ಬಿ.ಪಾಟೀಲ ಹೇಳಿದರು. ನಗರದಲ್ಲಿ ಶುಕ್ರವಾರ ಪತ್ರಿಕಾಗೋಷ್ಠಿಯಲ್ಲಿ ಮಾತನಾಡಿದ ಅವರು, 'ಯತ್ನಾಳ ಅವರು ಪದೇ ಪದೇ ಪ್ರಚೋದನಾಕಾರಿ ಹೇಳಿಕೆ ನೀಡುತ್ತಿದ್ದಾರೆ' ಎಂದರು.
ಬರಬೇಕಿತ್ತು. ಆದರೆ, ಅವರ ಹೇಳಿಕೆಗಳು ಬರುತ್ತಿವೆ. ಮಾತುಗಳಿಗೆ ಅವರ ಕೇವಲ ಇನ್ನೊಂದು ಗೊಂದಲವನ್ನು, ದೇವರನ್ನು ಸಚಿವರಾಗಿದ್ದವರಿಗೆ ನೋವು ತರುವುದಿಲ್ಲ' ಎಂದರು.
ಕ್ಷೋಭೆ ತರುವುದಿಲ್ಲ' ಎಂದರು. 'ವಿಜಯಪುರ ಬಸವ ಜನ್ಮ ಭೂಮಿ, ಆದಿಲ್ ಶಾಹಿಗಳ ಆಡಳಿತ ನಡೆಸಿದ ಸಾಮರಸ್ಯದ ಭೂಮಿ, ಸಿದ್ದೇಶ್ವರ ಶ್ರೀಗಳು ನಡೆದಾಡಿದ ಪುಣ್ಯ ಭೂಮಿ. ಈ ನೆಲದಲ್ಲಿ ಕೋಮು ಸಾಮರಸ್ಯ ಕೆಡಿಸಲು ಯತ್ನಾಳಗೆ ಬಿಡುವುದಿಲ್ಲ' ಎಂದರು. 'ಯತ್ನಾಳ ಅವರನ್ನು ಬಿಜೆಪಿಯಿಂದ ಹೊರಹಾಕಿದರೂ ಇನ್ನೂ ಬುದ್ಧಿ ಬಂದಿಲ್ಲ, ಅವರು ಸುಧಾರಣೆ ಆಗುವುದಿಲ್ಲ. ಕೆಲವೊಬ್ಬರಿಗೆ ಮಾತ್ರ ದ್ವೇಷಯಿಂ ಬರುತ್ತದೆ ಎಂದು ಯತ್ನಾಳ ಹೇಳಿದ್ದಾರೆ. ಆದರೆ, ಇದರಿಂದ ಅವರ ಕ್ರಿಯೆಗೆ ಪ್ರತಿಕ್ರಿಯೆ ವ್ಯಕ್ತವಾಗುತ್ತಿದೆ. ಅವರ ಕೃತ್ಯಕ್ಕೆ ಅವರೇ ಪ್ರತಿಫಲ ಉಣ್ಣುವಂತಾಗಿದೆ' ಎಂದು ಹೇಳಿದರು.
ಎಂದಿಗೂ ಇಲ್ಲ' ಎಂದರು. 'ಮಹಾನಗರ ಪಾಲಿಕೆ ಮೇಯರ್ ಚುನಾವಣೆಯಲ್ಲಿ ಕಾಂಗ್ರೆಸ್ ಸದಸ್ಯರೊಬ್ಬರು ಬಿಜೆಪಿಗೆ ಸಹಾಯ ಮಾಡಿದ್ದಾರೆ ಎಂದು ಯತ್ನಾಳ ಅವರು ಹೇಳಿಕೆ ನೀಡುವ ಮೂಲಕ ಗೊಂದಲ ಸೃಷ್ಟಿಸಲು ಯತ್ನಿಸಿದ್ದಾರೆ. ರಾಜಕೀಯ ನಾಟಕ ಮಾಡುತ್ತಿದ್ದಾರೆ' ಎಂದು ಆರೋಪಿಸಿದರು. 'ಬಿಜೆಪಿ ಸರ್ಕಾರದ ಅವಧಿಯಲ್ಲಿ ವಿಜಯಪುರ ಮಹಾನಗರ ಪಾಲಿಕೆಯಲ್ಲಿ ಮುಕ್ತಮುಕ್ತ ಹೆಚ್ಚಿನ ಸಂಖ್ಯೆಯಲ್ಲಿ ಇರುವ ವಾರ್ಡ್‌ಗಳಲ್ಲಿ ಯಾವುದೇ ಅಭಿವೃದ್ಧಿ ಕೆಲಸಗಳನ್ನೇ ಮಾಡಿರಲಿಲ್ಲ' ಎಂದು ಆರೋಪಿಸಿದರು.
